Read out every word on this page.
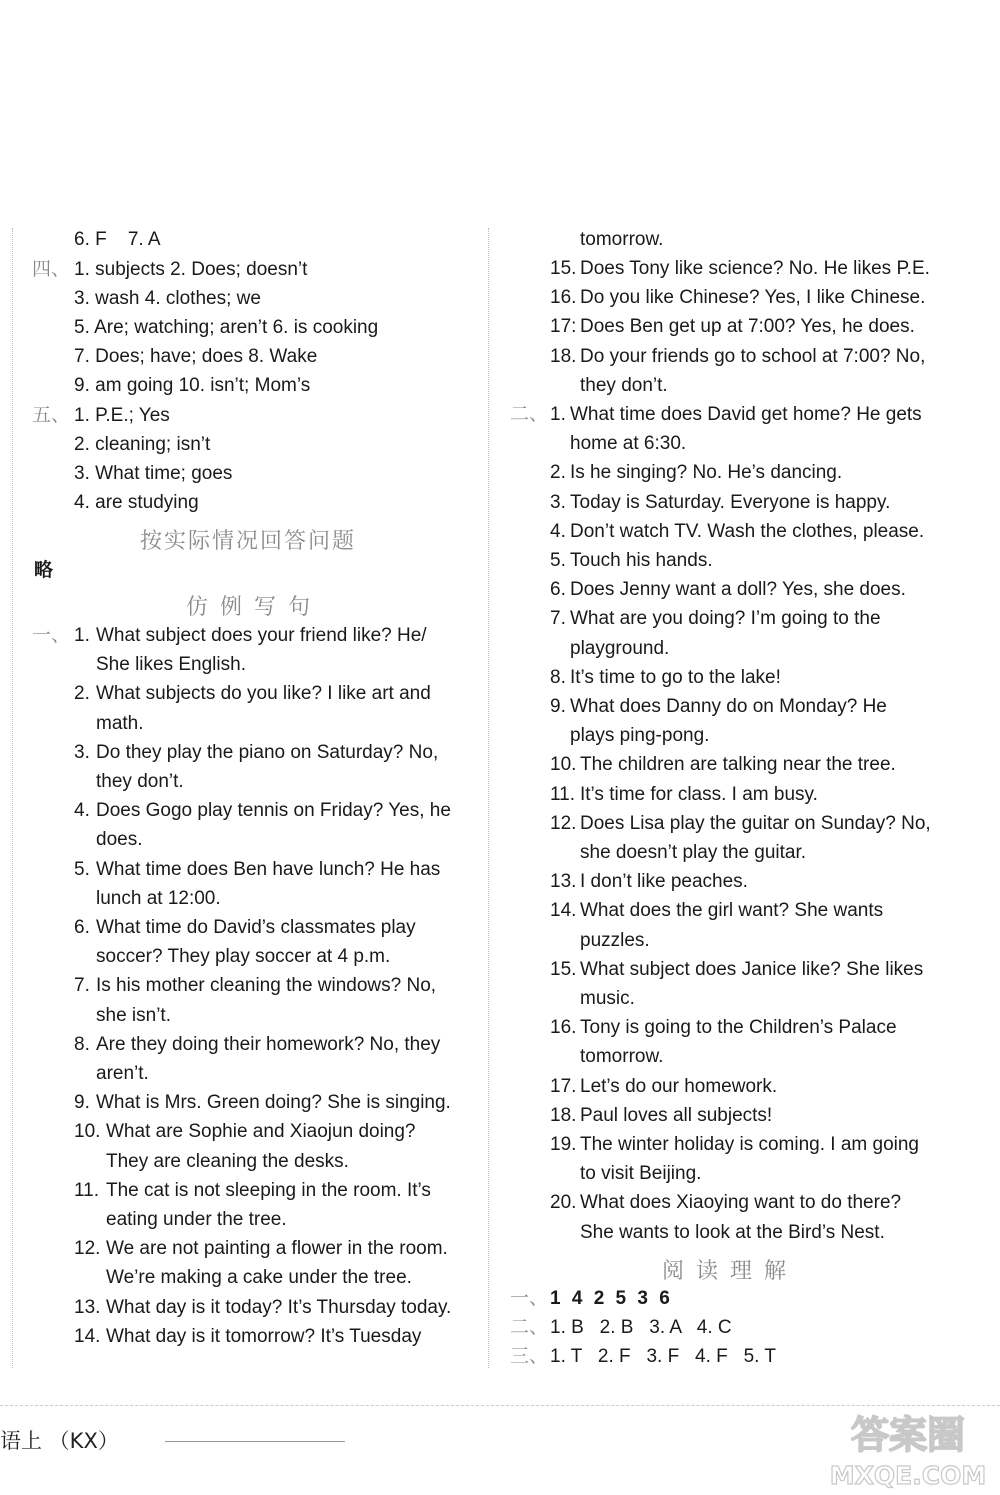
6. F 7. A
四、 1. subjects 2. Does; doesn’t
3. wash 4. clothes; we
5. Are; watching; aren’t 6. is cooking
7. Does; have; does 8. Wake
9. am going 10. isn’t; Mom’s
五、 1. P.E.; Yes
2. cleaning; isn’t
3. What time; goes
4. are studying
按实际情况回答问题
略
仿例写句
一、 1. What subject does your friend like? He/
She likes English.
2. What subjects do you like? I like art and
math.
3. Do they play the piano on Saturday? No,
they don’t.
4. Does Gogo play tennis on Friday? Yes, he
does.
5. What time does Ben have lunch? He has
lunch at 12:00.
6. What time do David’s classmates play
soccer? They play soccer at 4 p.m.
7. Is his mother cleaning the windows? No,
she isn’t.
8. Are they doing their homework? No, they
aren’t.
9. What is Mrs. Green doing? She is singing.
10. What are Sophie and Xiaojun doing?
They are cleaning the desks.
11. The cat is not sleeping in the room. It’s
eating under the tree.
12. We are not painting a flower in the room.
We’re making a cake under the tree.
13. What day is it today? It’s Thursday today.
14. What day is it tomorrow? It’s Tuesday
tomorrow.
15. Does Tony like science? No. He likes P.E.
16. Do you like Chinese? Yes, I like Chinese.
17: Does Ben get up at 7:00? Yes, he does.
18. Do your friends go to school at 7:00? No,
they don’t.
二、 1. What time does David get home? He gets
home at 6:30.
2. Is he singing? No. He’s dancing.
3. Today is Saturday. Everyone is happy.
4. Don’t watch TV. Wash the clothes, please.
5. Touch his hands.
6. Does Jenny want a doll? Yes, she does.
7. What are you doing? I’m going to the
playground.
8. It’s time to go to the lake!
9. What does Danny do on Monday? He
plays ping-pong.
10. The children are talking near the tree.
11. It’s time for class. I am busy.
12. Does Lisa play the guitar on Sunday? No,
she doesn’t play the guitar.
13. I don’t like peaches.
14. What does the girl want? She wants
puzzles.
15. What subject does Janice like? She likes
music.
16. Tony is going to the Children’s Palace
tomorrow.
17. Let’s do our homework.
18. Paul loves all subjects!
19. The winter holiday is coming. I am going
to visit Beijing.
20. What does Xiaoying want to do there?
She wants to look at the Bird’s Nest.
阅读理解
一、 1 4 2 5 3 6
二、 1. B   2. B   3. A   4. C
三、 1. T   2. F   3. F   4. F   5. T
语上 （KX）	答案圈
MXQE.COM
